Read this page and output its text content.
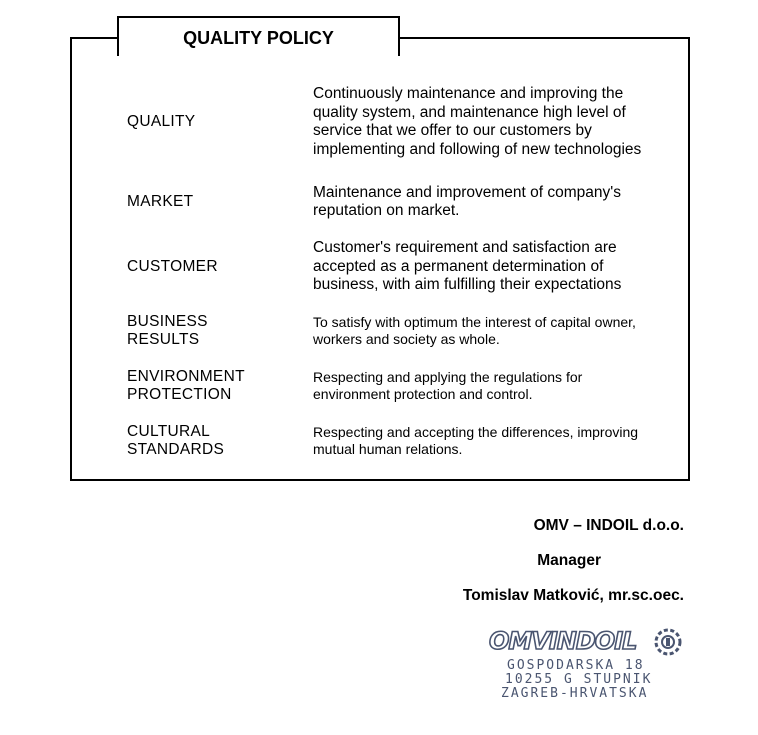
QUALITY POLICY
QUALITY
Continuously maintenance and improving the quality system, and maintenance high level of service that we offer to our customers by implementing and following of new technologies
MARKET
Maintenance and improvement of company's reputation on market.
CUSTOMER
Customer's requirement and satisfaction are accepted as a permanent determination of business, with aim fulfilling their expectations
BUSINESS
RESULTS
To satisfy with optimum the interest of capital owner, workers and society as whole.
ENVIRONMENT
PROTECTION
Respecting and applying the regulations for environment protection and control.
CULTURAL
STANDARDS
Respecting and accepting the differences, improving mutual human relations.
OMV – INDOIL d.o.o.
Manager
Tomislav Matković, mr.sc.oec.
OMVINDOIL
GOSPODARSKA 18
10255 G STUPNIK
ZAGREB-HRVATSKA
